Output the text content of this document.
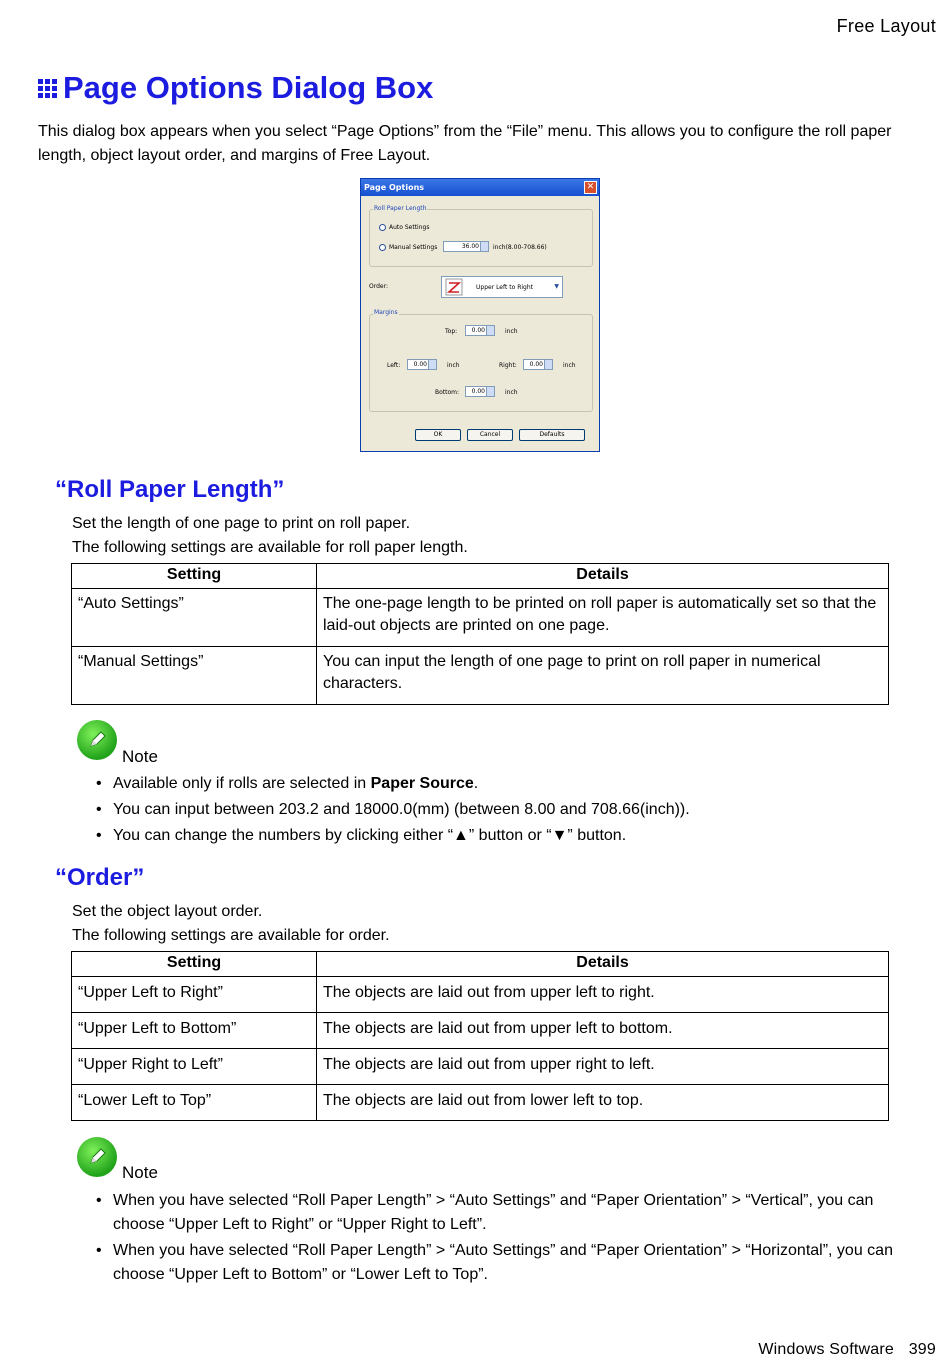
Free Layout
Page Options Dialog Box
This dialog box appears when you select “Page Options” from the “File” menu. This allows you to configure the roll paper length, object layout order, and margins of Free Layout.
Page Options	✕
Roll Paper Length
Auto Settings
Manual Settings	36.00	inch(8.00-708.66)
Order:	Upper Left to Right	▼
Margins
Top:	0.00	inch
Left:	0.00	inch	Right:	0.00	inch
Bottom:	0.00	inch
OK	Cancel	Defaults
“Roll Paper Length”
Set the length of one page to print on roll paper.
The following settings are available for roll paper length.
Setting	Details
“Auto Settings”	The one-page length to be printed on roll paper is automatically set so that the laid-out objects are printed on one page.
“Manual Settings”	You can input the length of one page to print on roll paper in numerical characters.
Note
• Available only if rolls are selected in Paper Source.
• You can input between 203.2 and 18000.0(mm) (between 8.00 and 708.66(inch)).
• You can change the numbers by clicking either “▲” button or “▼” button.
“Order”
Set the object layout order.
The following settings are available for order.
Setting	Details
“Upper Left to Right”	The objects are laid out from upper left to right.
“Upper Left to Bottom”	The objects are laid out from upper left to bottom.
“Upper Right to Left”	The objects are laid out from upper right to left.
“Lower Left to Top”	The objects are laid out from lower left to top.
Note
• When you have selected “Roll Paper Length” > “Auto Settings” and “Paper Orientation” > “Vertical”, you can choose “Upper Left to Right” or “Upper Right to Left”.
• When you have selected “Roll Paper Length” > “Auto Settings” and “Paper Orientation” > “Horizontal”, you can choose “Upper Left to Bottom” or “Lower Left to Top”.
Windows Software 399
